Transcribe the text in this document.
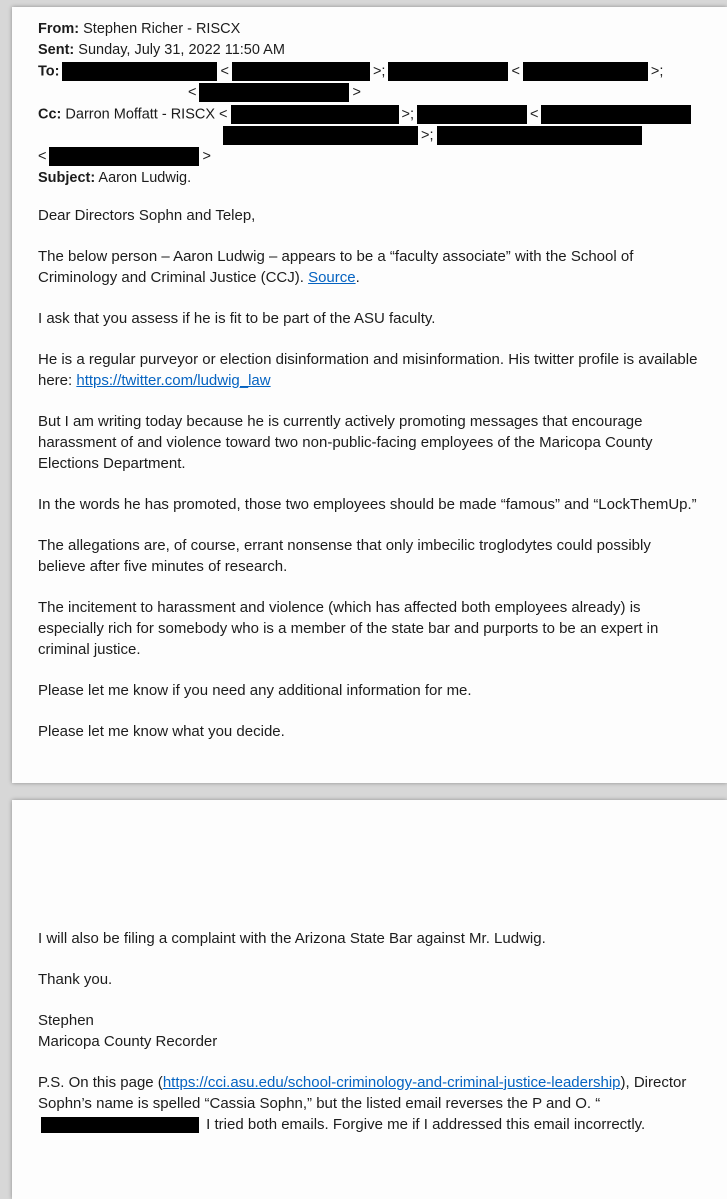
From: Stephen Richer - RISCX
Sent: Sunday, July 31, 2022 11:50 AM
To:	<	>;	<	>;
<	>
Cc: Darron Moffatt - RISCX <	>;	<
>;
<	>
Subject: Aaron Ludwig.
Dear Directors Sophn and Telep,
The below person – Aaron Ludwig – appears to be a “faculty associate” with the School of Criminology and Criminal Justice (CCJ). Source.
I ask that you assess if he is fit to be part of the ASU faculty.
He is a regular purveyor or election disinformation and misinformation. His twitter profile is available here: https://twitter.com/ludwig_law
But I am writing today because he is currently actively promoting messages that encourage harassment of and violence toward two non-public-facing employees of the Maricopa County Elections Department.
In the words he has promoted, those two employees should be made “famous” and “LockThemUp.”
The allegations are, of course, errant nonsense that only imbecilic troglodytes could possibly believe after five minutes of research.
The incitement to harassment and violence (which has affected both employees already) is especially rich for somebody who is a member of the state bar and purports to be an expert in criminal justice.
Please let me know if you need any additional information for me.
Please let me know what you decide.
I will also be filing a complaint with the Arizona State Bar against Mr. Ludwig.
Thank you.
Stephen
Maricopa County Recorder
P.S. On this page (https://cci.asu.edu/school-criminology-and-criminal-justice-leadership), Director Sophn’s name is spelled “Cassia Sophn,” but the listed email reverses the P and O. “ I tried both emails. Forgive me if I addressed this email incorrectly.
